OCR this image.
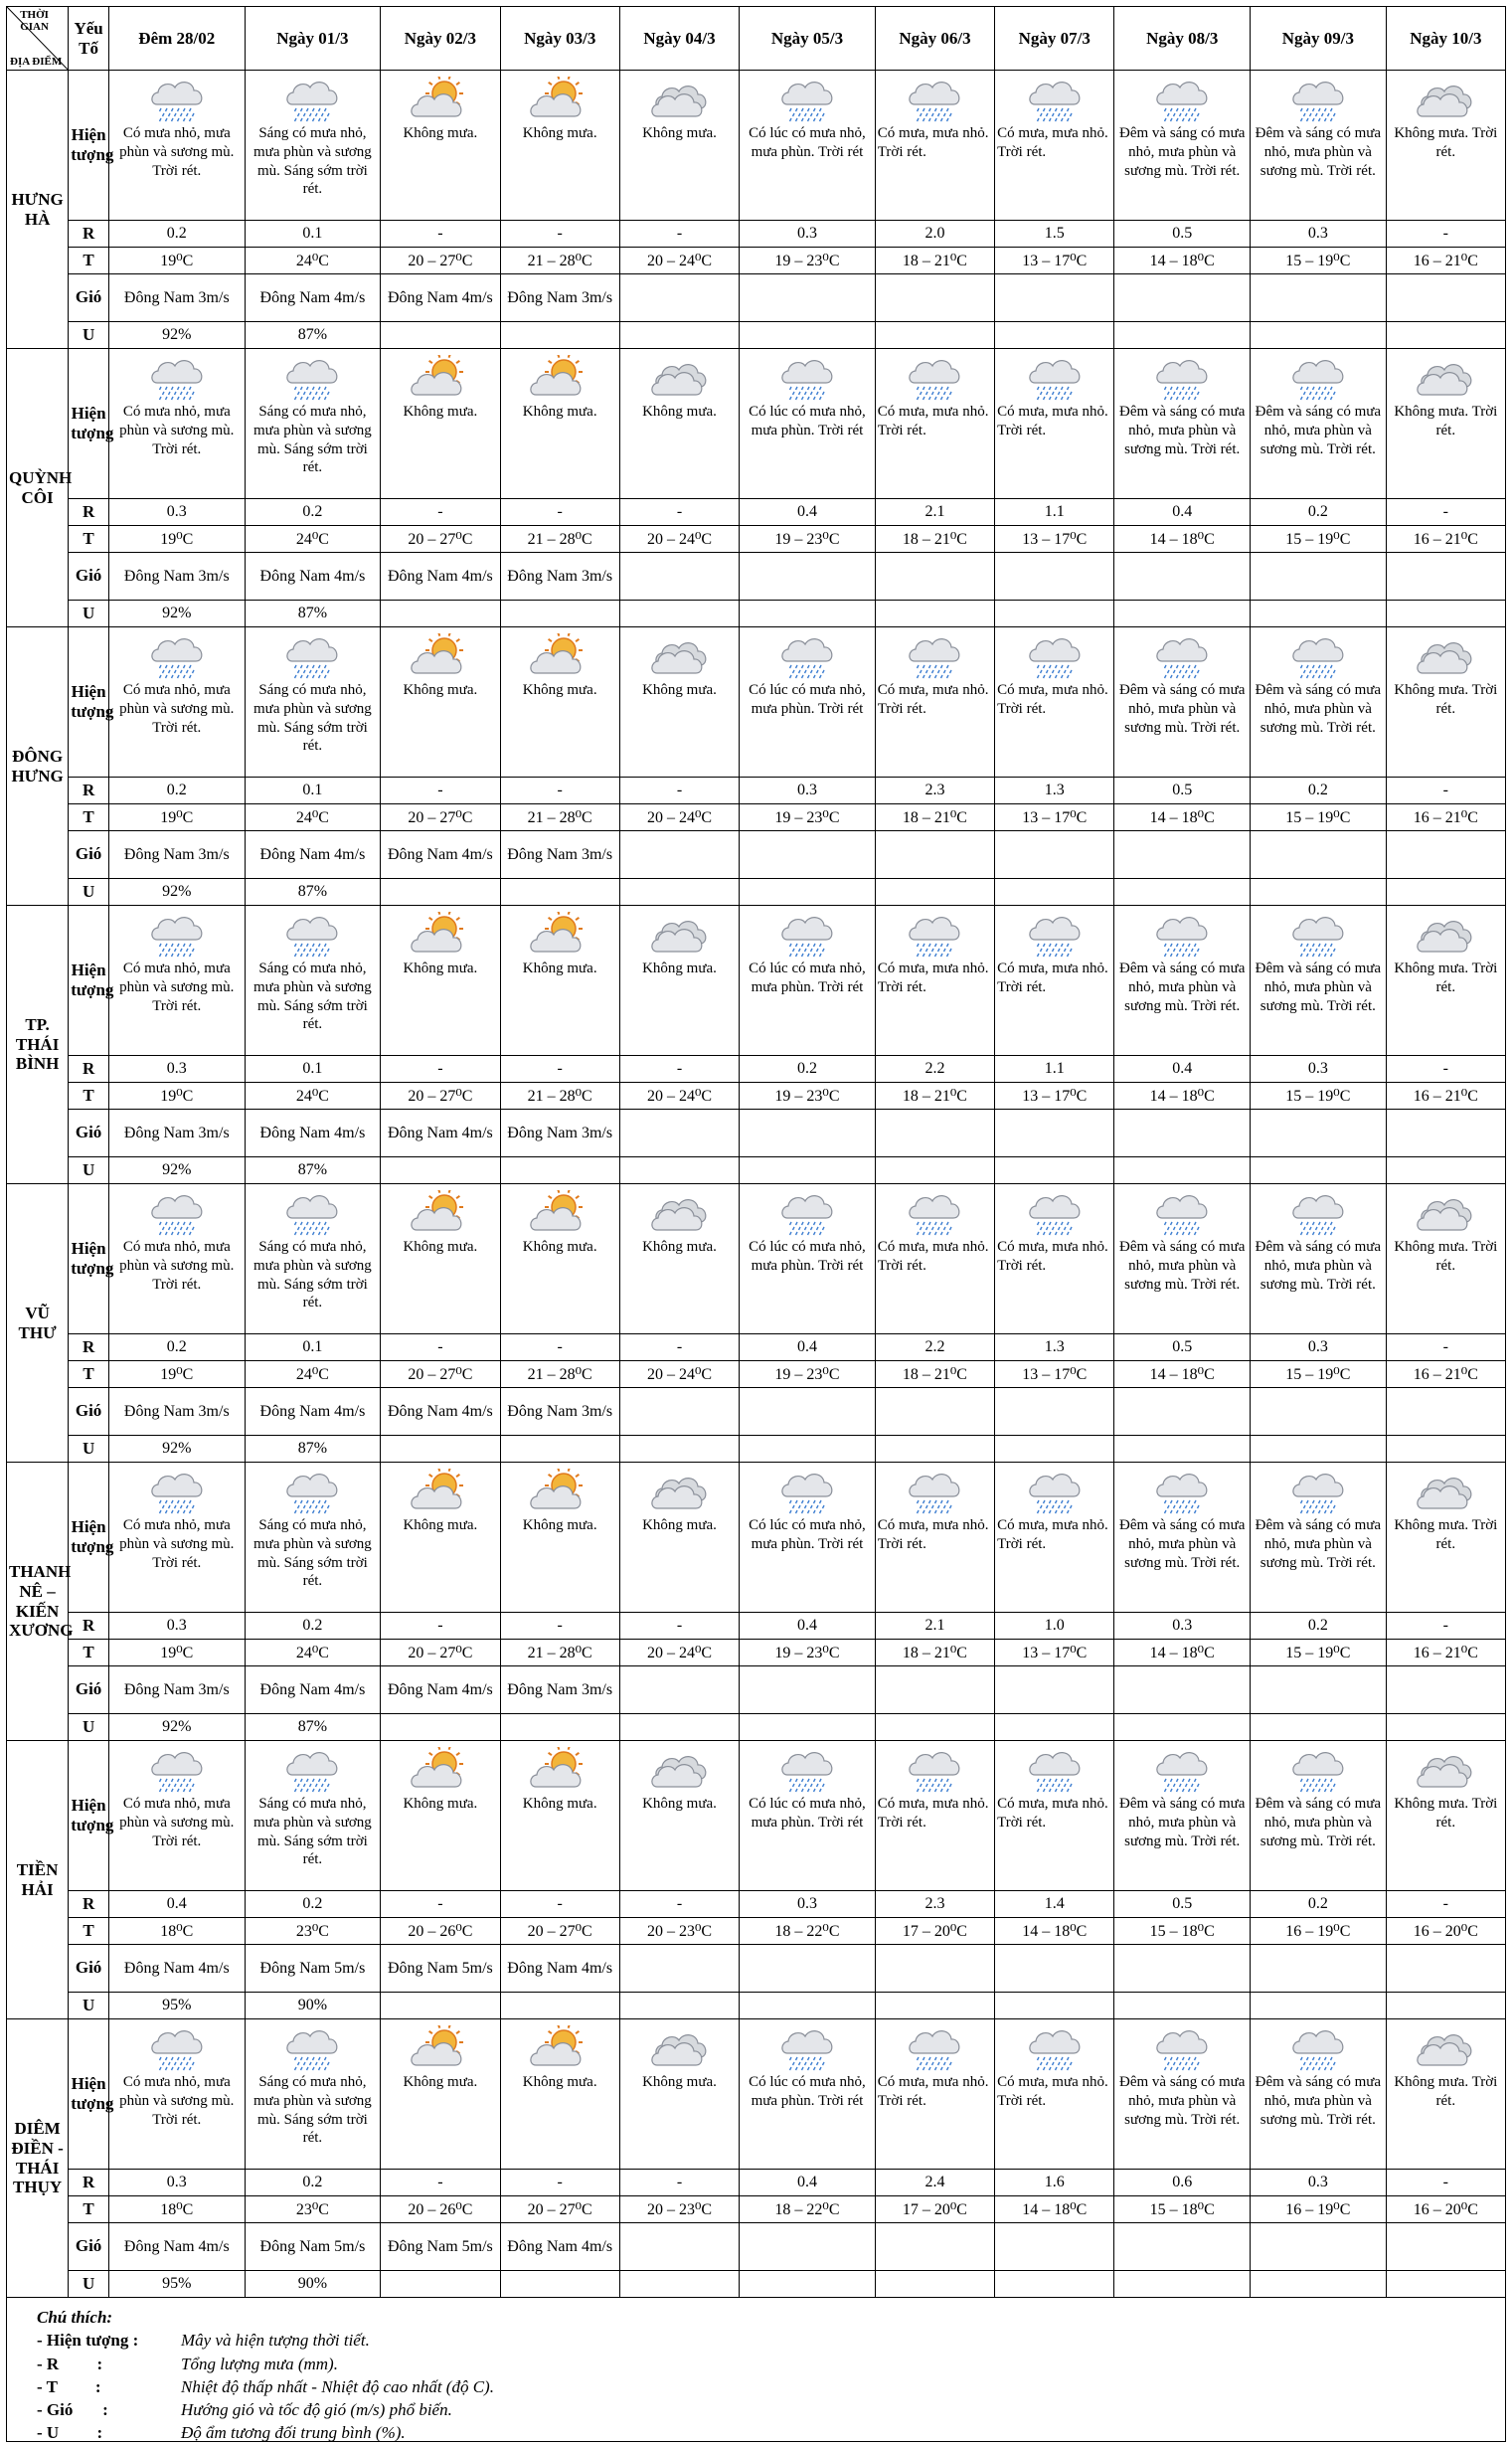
THỜI GIAN
ĐỊA ĐIỂM	Yếu Tố	Đêm 28/02	Ngày 01/3	Ngày 02/3	Ngày 03/3	Ngày 04/3	Ngày 05/3	Ngày 06/3	Ngày 07/3	Ngày 08/3	Ngày 09/3	Ngày 10/3
HƯNG HÀ	Hiện tượng	Có mưa nhỏ, mưa phùn và sương mù. Trời rét.	Sáng có mưa nhỏ, mưa phùn và sương mù. Sáng sớm trời rét.	Không mưa.	Không mưa.	Không mưa.	Có lúc có mưa nhỏ, mưa phùn. Trời rét	Có mưa, mưa nhỏ. Trời rét.	Có mưa, mưa nhỏ. Trời rét.	Đêm và sáng có mưa nhỏ, mưa phùn và sương mù. Trời rét.	Đêm và sáng có mưa nhỏ, mưa phùn và sương mù. Trời rét.	Không mưa. Trời rét.

	R	0.2	0.1	-	-	-	0.3	2.0	1.5	0.5	0.3	-
	T	19⁰C	24⁰C	20 – 27⁰C	21 – 28⁰C	20 – 24⁰C	19 – 23⁰C	18 – 21⁰C	13 – 17⁰C	14 – 18⁰C	15 – 19⁰C	16 – 21⁰C
	Gió	Đông Nam 3m/s	Đông Nam 4m/s	Đông Nam 4m/s	Đông Nam 3m/s							
	U	92%	87%									
QUỲNH CÔI	Hiện tượng	Có mưa nhỏ, mưa phùn và sương mù. Trời rét.	Sáng có mưa nhỏ, mưa phùn và sương mù. Sáng sớm trời rét.	Không mưa.	Không mưa.	Không mưa.	Có lúc có mưa nhỏ, mưa phùn. Trời rét	Có mưa, mưa nhỏ. Trời rét.	Có mưa, mưa nhỏ. Trời rét.	Đêm và sáng có mưa nhỏ, mưa phùn và sương mù. Trời rét.	Đêm và sáng có mưa nhỏ, mưa phùn và sương mù. Trời rét.	Không mưa. Trời rét.

	R	0.3	0.2	-	-	-	0.4	2.1	1.1	0.4	0.2	-
	T	19⁰C	24⁰C	20 – 27⁰C	21 – 28⁰C	20 – 24⁰C	19 – 23⁰C	18 – 21⁰C	13 – 17⁰C	14 – 18⁰C	15 – 19⁰C	16 – 21⁰C
	Gió	Đông Nam 3m/s	Đông Nam 4m/s	Đông Nam 4m/s	Đông Nam 3m/s							
	U	92%	87%									
ĐÔNG HƯNG	Hiện tượng	Có mưa nhỏ, mưa phùn và sương mù. Trời rét.	Sáng có mưa nhỏ, mưa phùn và sương mù. Sáng sớm trời rét.	Không mưa.	Không mưa.	Không mưa.	Có lúc có mưa nhỏ, mưa phùn. Trời rét	Có mưa, mưa nhỏ. Trời rét.	Có mưa, mưa nhỏ. Trời rét.	Đêm và sáng có mưa nhỏ, mưa phùn và sương mù. Trời rét.	Đêm và sáng có mưa nhỏ, mưa phùn và sương mù. Trời rét.	Không mưa. Trời rét.

	R	0.2	0.1	-	-	-	0.3	2.3	1.3	0.5	0.2	-
	T	19⁰C	24⁰C	20 – 27⁰C	21 – 28⁰C	20 – 24⁰C	19 – 23⁰C	18 – 21⁰C	13 – 17⁰C	14 – 18⁰C	15 – 19⁰C	16 – 21⁰C
	Gió	Đông Nam 3m/s	Đông Nam 4m/s	Đông Nam 4m/s	Đông Nam 3m/s							
	U	92%	87%									
TP. THÁI BÌNH	Hiện tượng	Có mưa nhỏ, mưa phùn và sương mù. Trời rét.	Sáng có mưa nhỏ, mưa phùn và sương mù. Sáng sớm trời rét.	Không mưa.	Không mưa.	Không mưa.	Có lúc có mưa nhỏ, mưa phùn. Trời rét	Có mưa, mưa nhỏ. Trời rét.	Có mưa, mưa nhỏ. Trời rét.	Đêm và sáng có mưa nhỏ, mưa phùn và sương mù. Trời rét.	Đêm và sáng có mưa nhỏ, mưa phùn và sương mù. Trời rét.	Không mưa. Trời rét.

	R	0.3	0.1	-	-	-	0.2	2.2	1.1	0.4	0.3	-
	T	19⁰C	24⁰C	20 – 27⁰C	21 – 28⁰C	20 – 24⁰C	19 – 23⁰C	18 – 21⁰C	13 – 17⁰C	14 – 18⁰C	15 – 19⁰C	16 – 21⁰C
	Gió	Đông Nam 3m/s	Đông Nam 4m/s	Đông Nam 4m/s	Đông Nam 3m/s							
	U	92%	87%									
VŨ THƯ	Hiện tượng	Có mưa nhỏ, mưa phùn và sương mù. Trời rét.	Sáng có mưa nhỏ, mưa phùn và sương mù. Sáng sớm trời rét.	Không mưa.	Không mưa.	Không mưa.	Có lúc có mưa nhỏ, mưa phùn. Trời rét	Có mưa, mưa nhỏ. Trời rét.	Có mưa, mưa nhỏ. Trời rét.	Đêm và sáng có mưa nhỏ, mưa phùn và sương mù. Trời rét.	Đêm và sáng có mưa nhỏ, mưa phùn và sương mù. Trời rét.	Không mưa. Trời rét.

	R	0.2	0.1	-	-	-	0.4	2.2	1.3	0.5	0.3	-
	T	19⁰C	24⁰C	20 – 27⁰C	21 – 28⁰C	20 – 24⁰C	19 – 23⁰C	18 – 21⁰C	13 – 17⁰C	14 – 18⁰C	15 – 19⁰C	16 – 21⁰C
	Gió	Đông Nam 3m/s	Đông Nam 4m/s	Đông Nam 4m/s	Đông Nam 3m/s							
	U	92%	87%									
THANH NÊ – KIẾN XƯƠNG	Hiện tượng	Có mưa nhỏ, mưa phùn và sương mù. Trời rét.	Sáng có mưa nhỏ, mưa phùn và sương mù. Sáng sớm trời rét.	Không mưa.	Không mưa.	Không mưa.	Có lúc có mưa nhỏ, mưa phùn. Trời rét	Có mưa, mưa nhỏ. Trời rét.	Có mưa, mưa nhỏ. Trời rét.	Đêm và sáng có mưa nhỏ, mưa phùn và sương mù. Trời rét.	Đêm và sáng có mưa nhỏ, mưa phùn và sương mù. Trời rét.	Không mưa. Trời rét.

	R	0.3	0.2	-	-	-	0.4	2.1	1.0	0.3	0.2	-
	T	19⁰C	24⁰C	20 – 27⁰C	21 – 28⁰C	20 – 24⁰C	19 – 23⁰C	18 – 21⁰C	13 – 17⁰C	14 – 18⁰C	15 – 19⁰C	16 – 21⁰C
	Gió	Đông Nam 3m/s	Đông Nam 4m/s	Đông Nam 4m/s	Đông Nam 3m/s							
	U	92%	87%									
TIỀN HẢI	Hiện tượng	Có mưa nhỏ, mưa phùn và sương mù. Trời rét.	Sáng có mưa nhỏ, mưa phùn và sương mù. Sáng sớm trời rét.	Không mưa.	Không mưa.	Không mưa.	Có lúc có mưa nhỏ, mưa phùn. Trời rét	Có mưa, mưa nhỏ. Trời rét.	Có mưa, mưa nhỏ. Trời rét.	Đêm và sáng có mưa nhỏ, mưa phùn và sương mù. Trời rét.	Đêm và sáng có mưa nhỏ, mưa phùn và sương mù. Trời rét.	Không mưa. Trời rét.

	R	0.4	0.2	-	-	-	0.3	2.3	1.4	0.5	0.2	-
	T	18⁰C	23⁰C	20 – 26⁰C	20 – 27⁰C	20 – 23⁰C	18 – 22⁰C	17 – 20⁰C	14 – 18⁰C	15 – 18⁰C	16 – 19⁰C	16 – 20⁰C
	Gió	Đông Nam 4m/s	Đông Nam 5m/s	Đông Nam 5m/s	Đông Nam 4m/s							
	U	95%	90%									
DIÊM ĐIỀN - THÁI THỤY	Hiện tượng	Có mưa nhỏ, mưa phùn và sương mù. Trời rét.	Sáng có mưa nhỏ, mưa phùn và sương mù. Sáng sớm trời rét.	Không mưa.	Không mưa.	Không mưa.	Có lúc có mưa nhỏ, mưa phùn. Trời rét	Có mưa, mưa nhỏ. Trời rét.	Có mưa, mưa nhỏ. Trời rét.	Đêm và sáng có mưa nhỏ, mưa phùn và sương mù. Trời rét.	Đêm và sáng có mưa nhỏ, mưa phùn và sương mù. Trời rét.	Không mưa. Trời rét.

	R	0.3	0.2	-	-	-	0.4	2.4	1.6	0.6	0.3	-
	T	18⁰C	23⁰C	20 – 26⁰C	20 – 27⁰C	20 – 23⁰C	18 – 22⁰C	17 – 20⁰C	14 – 18⁰C	15 – 18⁰C	16 – 19⁰C	16 – 20⁰C
	Gió	Đông Nam 4m/s	Đông Nam 5m/s	Đông Nam 5m/s	Đông Nam 4m/s							
	U	95%	90%									
Chú thích:
- Hiện tượng :	Mây và hiện tượng thời tiết.
- R         :	Tổng lượng mưa (mm).
- T         :	Nhiệt độ thấp nhất - Nhiệt độ cao nhất (độ C).
- Gió       :	Hướng gió và tốc độ gió (m/s) phổ biến.
- U         :	Độ ẩm tương đối trung bình (%).
